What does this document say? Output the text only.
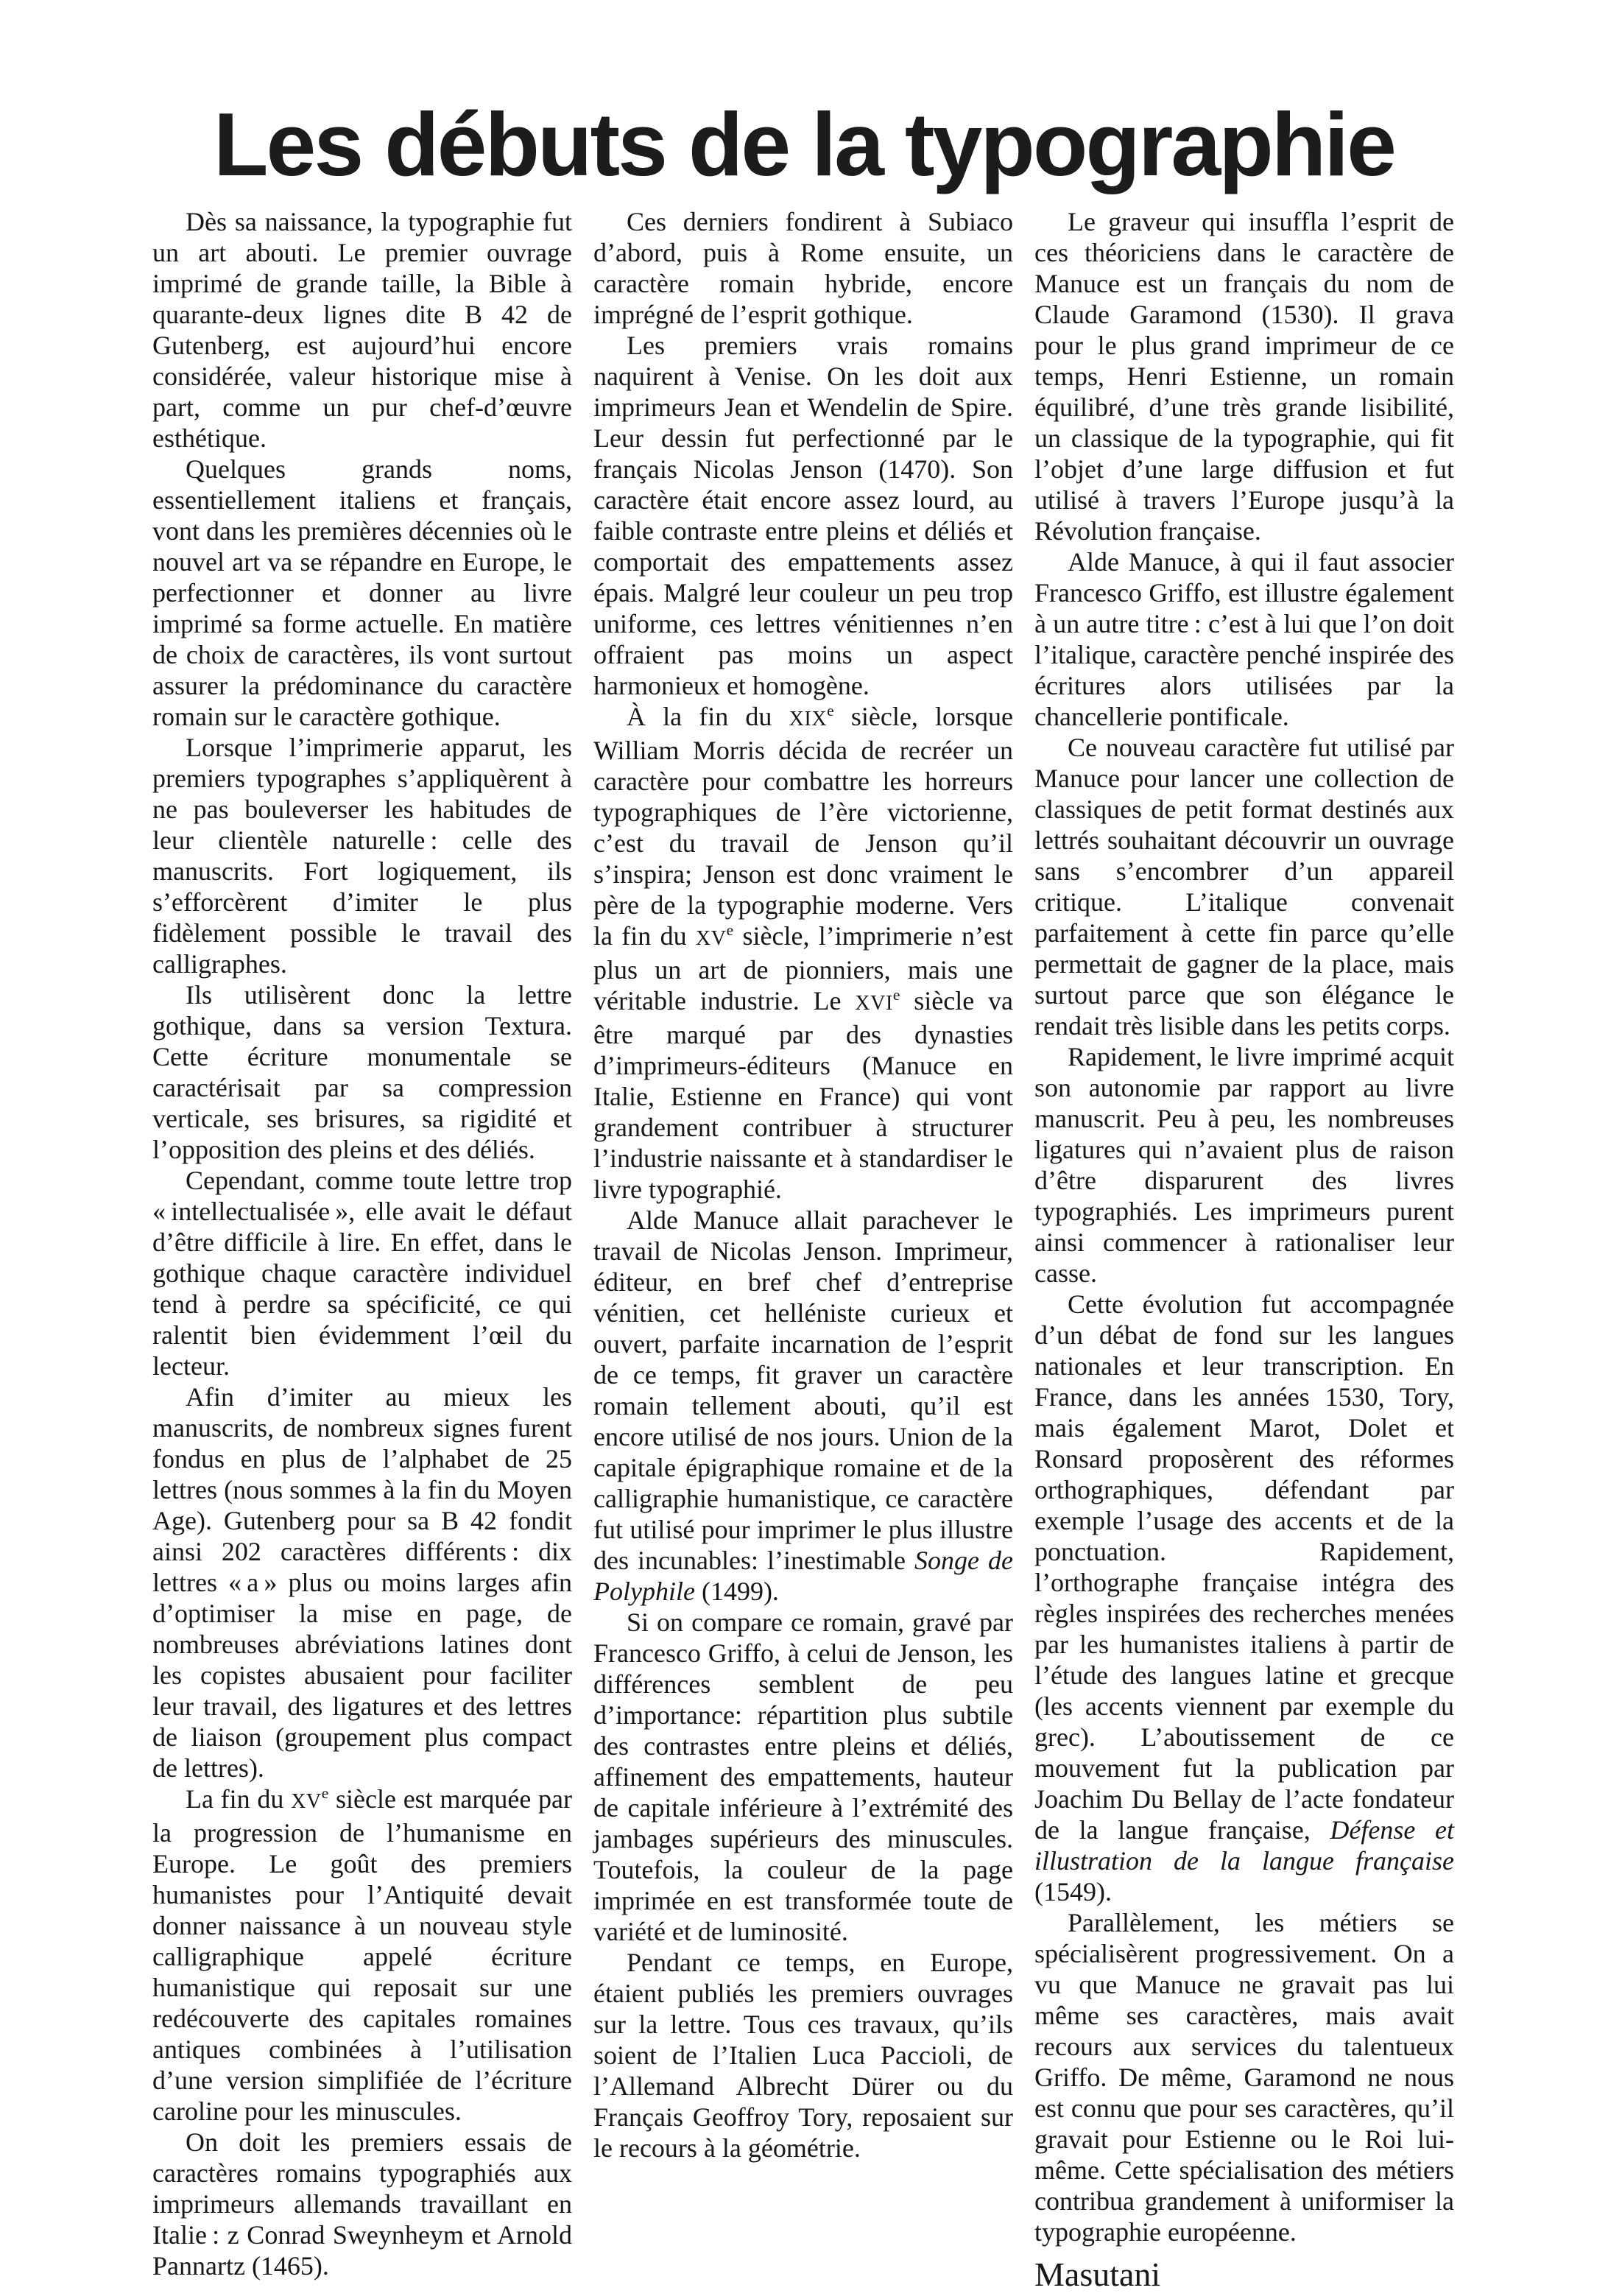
Les débuts de la typographie

Dès sa naissance, la typographie fut un art abouti. Le premier ouvrage imprimé de grande taille, la Bible à quarante-deux lignes dite B 42 de Gutenberg, est aujourd’hui encore considérée, valeur historique mise à part, comme un pur chef-d’œuvre esthétique.

Quelques grands noms, essentiellement italiens et français, vont dans les premières décennies où le nouvel art va se répandre en Europe, le perfectionner et donner au livre imprimé sa forme actuelle. En matière de choix de caractères, ils vont surtout assurer la prédominance du caractère romain sur le caractère gothique.

Lorsque l’imprimerie apparut, les premiers typographes s’appliquèrent à ne pas bouleverser les habitudes de leur clientèle naturelle : celle des manuscrits. Fort logiquement, ils s’efforcèrent d’imiter le plus fidèlement possible le travail des calligraphes.

Ils utilisèrent donc la lettre gothique, dans sa version Textura. Cette écriture monumentale se caractérisait par sa compression verticale, ses brisures, sa rigidité et l’opposition des pleins et des déliés.

Cependant, comme toute lettre trop « intellectualisée », elle avait le défaut d’être difficile à lire. En effet, dans le gothique chaque caractère individuel tend à perdre sa spécificité, ce qui ralentit bien évidemment l’œil du lecteur.

Afin d’imiter au mieux les manuscrits, de nombreux signes furent fondus en plus de l’alphabet de 25 lettres (nous sommes à la fin du Moyen Age). Gutenberg pour sa B 42 fondit ainsi 202 caractères différents : dix lettres « a » plus ou moins larges afin d’optimiser la mise en page, de nombreuses abréviations latines dont les copistes abusaient pour faciliter leur travail, des ligatures et des lettres de liaison (groupement plus compact de lettres).

La fin du XVe siècle est marquée par la progression de l’humanisme en Europe. Le goût des premiers humanistes pour l’Antiquité devait donner naissance à un nouveau style calligraphique appelé écriture humanistique qui reposait sur une redécouverte des capitales romaines antiques combinées à l’utilisation d’une version simplifiée de l’écriture caroline pour les minuscules.

On doit les premiers essais de caractères romains typographiés aux imprimeurs allemands travaillant en Italie : z Conrad Sweynheym et Arnold Pannartz (1465).

Ces derniers fondirent à Subiaco d’abord, puis à Rome ensuite, un caractère romain hybride, encore imprégné de l’esprit gothique.

Les premiers vrais romains naquirent à Venise. On les doit aux imprimeurs Jean et Wendelin de Spire. Leur dessin fut perfectionné par le français Nicolas Jenson (1470). Son caractère était encore assez lourd, au faible contraste entre pleins et déliés et comportait des empattements assez épais. Malgré leur couleur un peu trop uniforme, ces lettres vénitiennes n’en offraient pas moins un aspect harmonieux et homogène.

À la fin du XIXe siècle, lorsque William Morris décida de recréer un caractère pour combattre les horreurs typographiques de l’ère victorienne, c’est du travail de Jenson qu’il s’inspira; Jenson est donc vraiment le père de la typographie moderne. Vers la fin du XVe siècle, l’imprimerie n’est plus un art de pionniers, mais une véritable industrie. Le XVIe siècle va être marqué par des dynasties d’imprimeurs-éditeurs (Manuce en Italie, Estienne en France) qui vont grandement contribuer à structurer l’industrie naissante et à standardiser le livre typographié.

Alde Manuce allait parachever le travail de Nicolas Jenson. Imprimeur, éditeur, en bref chef d’entreprise vénitien, cet helléniste curieux et ouvert, parfaite incarnation de l’esprit de ce temps, fit graver un caractère romain tellement abouti, qu’il est encore utilisé de nos jours. Union de la capitale épigraphique romaine et de la calligraphie humanistique, ce caractère fut utilisé pour imprimer le plus illustre des incunables: l’inestimable Songe de Polyphile (1499).

Si on compare ce romain, gravé par Francesco Griffo, à celui de Jenson, les différences semblent de peu d’importance: répartition plus subtile des contrastes entre pleins et déliés, affinement des empattements, hauteur de capitale inférieure à l’extrémité des jambages supérieurs des minuscules. Toutefois, la couleur de la page imprimée en est transformée toute de variété et de luminosité.

Pendant ce temps, en Europe, étaient publiés les premiers ouvrages sur la lettre. Tous ces travaux, qu’ils soient de l’Italien Luca Paccioli, de l’Allemand Albrecht Dürer ou du Français Geoffroy Tory, reposaient sur le recours à la géométrie.

Le graveur qui insuffla l’esprit de ces théoriciens dans le caractère de Manuce est un français du nom de Claude Garamond (1530). Il grava pour le plus grand imprimeur de ce temps, Henri Estienne, un romain équilibré, d’une très grande lisibilité, un classique de la typographie, qui fit l’objet d’une large diffusion et fut utilisé à travers l’Europe jusqu’à la Révolution française.

Alde Manuce, à qui il faut associer Francesco Griffo, est illustre également à un autre titre : c’est à lui que l’on doit l’italique, caractère penché inspirée des écritures alors utilisées par la chancellerie pontificale.

Ce nouveau caractère fut utilisé par Manuce pour lancer une collection de classiques de petit format destinés aux lettrés souhaitant découvrir un ouvrage sans s’encombrer d’un appareil critique. L’italique convenait parfaitement à cette fin parce qu’elle permettait de gagner de la place, mais surtout parce que son élégance le rendait très lisible dans les petits corps.

Rapidement, le livre imprimé acquit son autonomie par rapport au livre manuscrit. Peu à peu, les nombreuses ligatures qui n’avaient plus de raison d’être disparurent des livres typographiés. Les imprimeurs purent ainsi commencer à rationaliser leur casse.

Cette évolution fut accompagnée d’un débat de fond sur les langues nationales et leur transcription. En France, dans les années 1530, Tory, mais également Marot, Dolet et Ronsard proposèrent des réformes orthographiques, défendant par exemple l’usage des accents et de la ponctuation. Rapidement, l’orthographe française intégra des règles inspirées des recherches menées par les humanistes italiens à partir de l’étude des langues latine et grecque (les accents viennent par exemple du grec). L’aboutissement de ce mouvement fut la publication par Joachim Du Bellay de l’acte fondateur de la langue française, Défense et illustration de la langue française (1549).

Parallèlement, les métiers se spécialisèrent progressivement. On a vu que Manuce ne gravait pas lui même ses caractères, mais avait recours aux services du talentueux Griffo. De même, Garamond ne nous est connu que pour ses caractères, qu’il gravait pour Estienne ou le Roi lui-même. Cette spécialisation des métiers contribua grandement à uniformiser la typographie européenne.

Masutani
